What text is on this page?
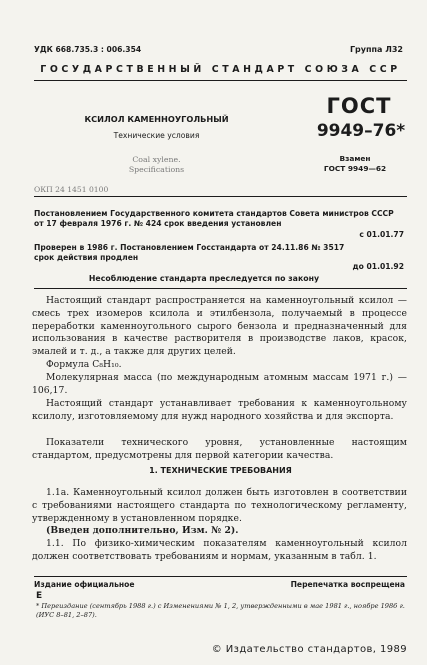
УДК 668.735.3 : 006.354	Группа Л32
ГОСУДАРСТВЕННЫЙ СТАНДАРТ СОЮЗА ССР
КСИЛОЛ КАМЕННОУГОЛЬНЫЙ
Технические условия
Coal xylene.
Specifications
ГОСТ
9949–76*
Взамен
ГОСТ 9949—62
ОКП 24 1451 0100
Постановлением Государственного комитета стандартов Совета министров СССР
от 17 февраля 1976 г. № 424 срок введения установлен
с 01.01.77
Проверен в 1986 г. Постановлением Госстандарта от 24.11.86 № 3517
срок действия продлен
до 01.01.92
Несоблюдение стандарта преследуется по закону
Настоящий стандарт распространяется на каменноугольный ксилол — смесь трех изомеров ксилола и этилбензола, получаемый в процессе переработки каменноугольного сырого бензола и предназначенный для использования в качестве растворителя в производстве лаков, красок, эмалей и т. д., а также для других целей.
Формула C₈H₁₀.
Молекулярная масса (по международным атомным массам 1971 г.) — 106,17.
Настоящий стандарт устанавливает требования к каменноугольному ксилолу, изготовляемому для нужд народного хозяйства и для экспорта.
Показатели технического уровня, установленные настоящим стандартом, предусмотрены для первой категории качества.
1. ТЕХНИЧЕСКИЕ ТРЕБОВАНИЯ
1.1а. Каменноугольный ксилол должен быть изготовлен в соответствии с требованиями настоящего стандарта по технологическому регламенту, утвержденному в установленном порядке.
(Введен дополнительно, Изм. № 2).
1.1. По физико-химическим показателям каменноугольный ксилол должен соответствовать требованиям и нормам, указанным в табл. 1.
Издание официальное	Перепечатка воспрещена
E
* Переиздание (сентябрь 1988 г.) с Изменениями № 1, 2, утвержденными в мае 1981 г., ноябре 1986 г. (ИУС 8–81, 2–87).
© Издательство стандартов, 1989
